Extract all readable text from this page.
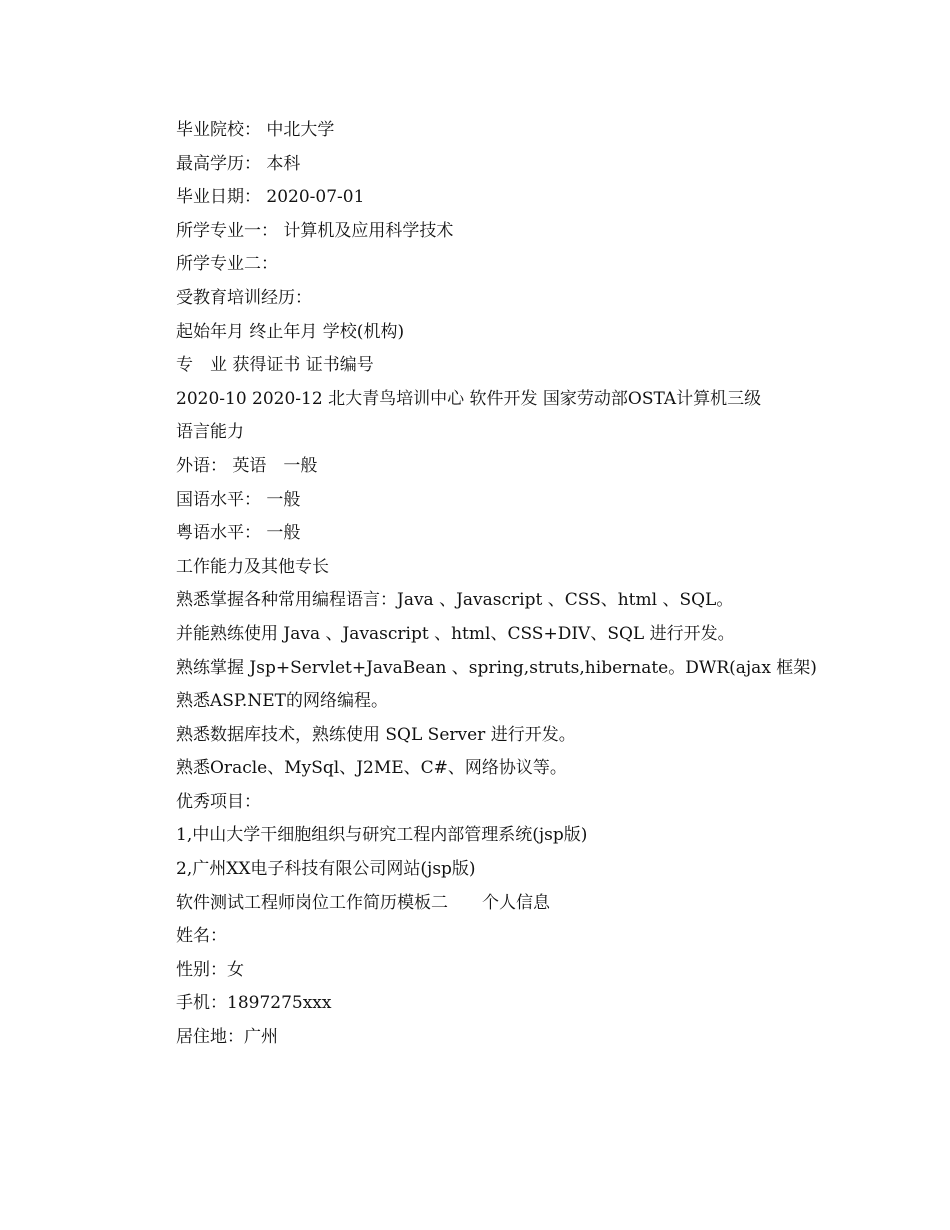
毕业院校： 中北大学
最高学历： 本科
毕业日期： 2020-07-01
所学专业一： 计算机及应用科学技术
所学专业二：
受教育培训经历：
起始年月 终止年月 学校(机构)
专　业 获得证书 证书编号
2020-10 2020-12 北大青鸟培训中心 软件开发 国家劳动部OSTA计算机三级
语言能力
外语： 英语　一般
国语水平： 一般
粤语水平： 一般
工作能力及其他专长
熟悉掌握各种常用编程语言：Java 、Javascript 、CSS、html 、SQL。
并能熟练使用 Java 、Javascript 、html、CSS+DIV、SQL 进行开发。
熟练掌握 Jsp+Servlet+JavaBean 、spring,struts,hibernate。DWR(ajax 框架)
熟悉ASP.NET的网络编程。
熟悉数据库技术，熟练使用 SQL Server 进行开发。
熟悉Oracle、MySql、J2ME、C#、网络协议等。
优秀项目：
1,中山大学干细胞组织与研究工程内部管理系统(jsp版)
2,广州XX电子科技有限公司网站(jsp版)
软件测试工程师岗位工作简历模板二　　个人信息
姓名：
性别：女
手机：1897275xxx
居住地：广州
